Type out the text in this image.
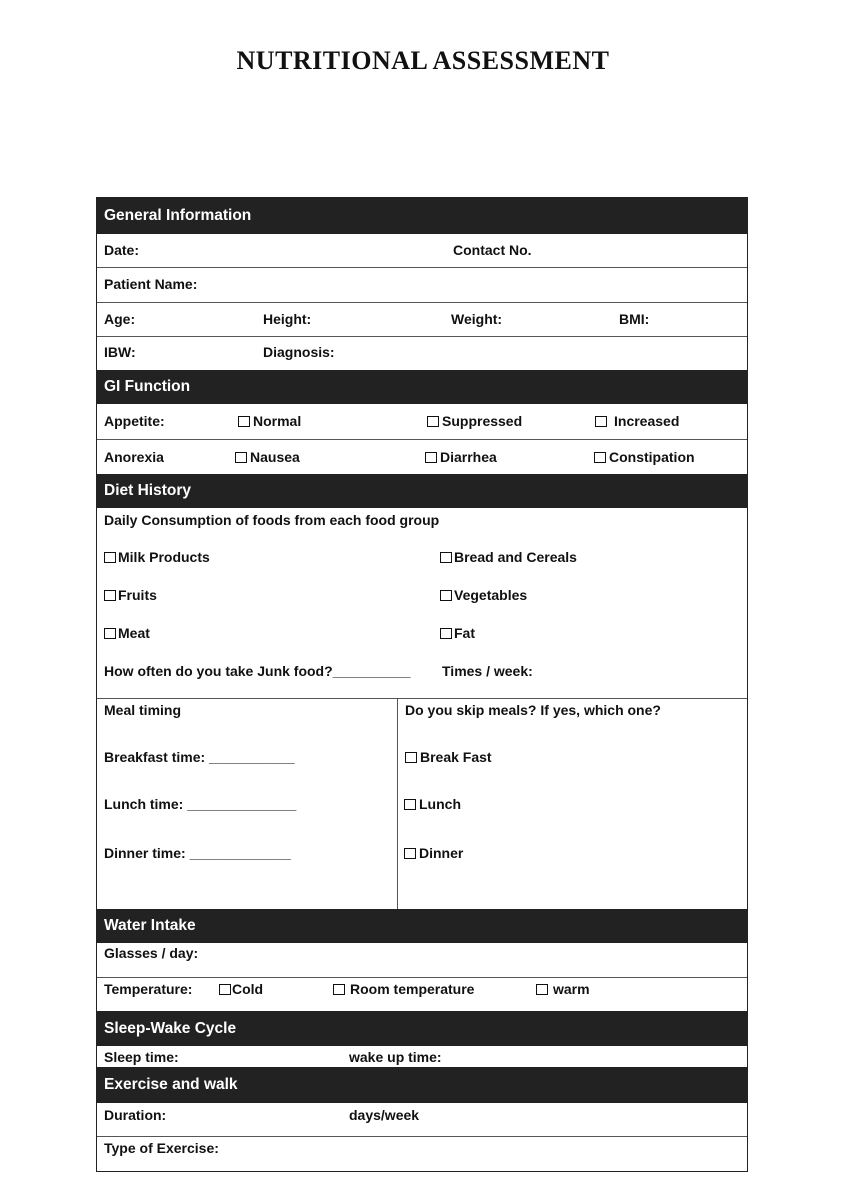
NUTRITIONAL ASSESSMENT
General Information
Date:	Contact No.
Patient Name:
Age:	Height:	Weight:	BMI:
IBW:	Diagnosis:
GI Function
Appetite:	Normal	Suppressed	Increased
Anorexia	Nausea	Diarrhea	Constipation
Diet History
Daily Consumption of foods from each food group
Milk Products	Bread and Cereals
Fruits	Vegetables
Meat	Fat
How often do you take Junk food?__________ Times / week:
Meal timing
Breakfast time: ___________
Lunch time: ______________
Dinner time: _____________
Do you skip meals? If yes, which one?
Break Fast
Lunch
Dinner
Water Intake
Glasses / day:
Temperature:	Cold	Room temperature	warm
Sleep-Wake Cycle
Sleep time:	wake up time:
Exercise and walk
Duration:	days/week
Type of Exercise:
